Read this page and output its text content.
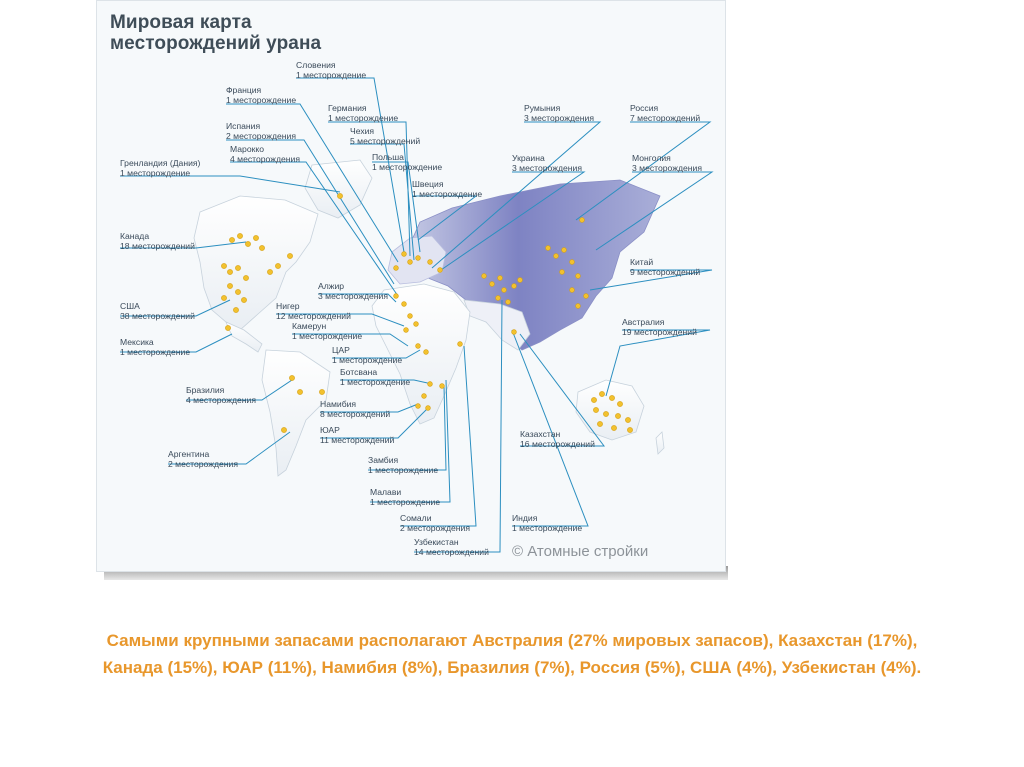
Мировая карта
месторождений урана
Словения
1 месторождение
Франция
1 месторождение
Германия
1 месторождение
Испания
2 месторождения	Чехия
5 месторождений
Марокко
4 месторождения	Польша
1 месторождение
Гренландия (Дания)
1 месторождение
Швеция
1 месторождение
Румыния
3 месторождения
Россия
7 месторождений
Украина
3 месторождения
Монголия
3 месторождения
Канада
18 месторождений
Китай
9 месторождений
Алжир
3 месторождения
Нигер
12 месторождений
США
38 месторождений
Камерун
1 месторождение
Австралия
19 месторождений
Мексика
1 месторождение	ЦАР
1 месторождение
Ботсвана
1 месторождение
Бразилия
4 месторождения	Намибия
8 месторождений
ЮАР
11 месторождений
Казахстан
16 месторождений
Аргентина
2 месторождения	Замбия
1 месторождение
Малави
1 месторождение
Сомали
2 месторождения
Индия
1 месторождение
Узбекистан
14 месторождений © Атомные стройки
Самыми крупными запасами располагают Австралия (27% мировых запасов), Казахстан (17%),
Канада (15%), ЮАР (11%), Намибия (8%), Бразилия (7%), Россия (5%), США (4%), Узбекистан (4%).
